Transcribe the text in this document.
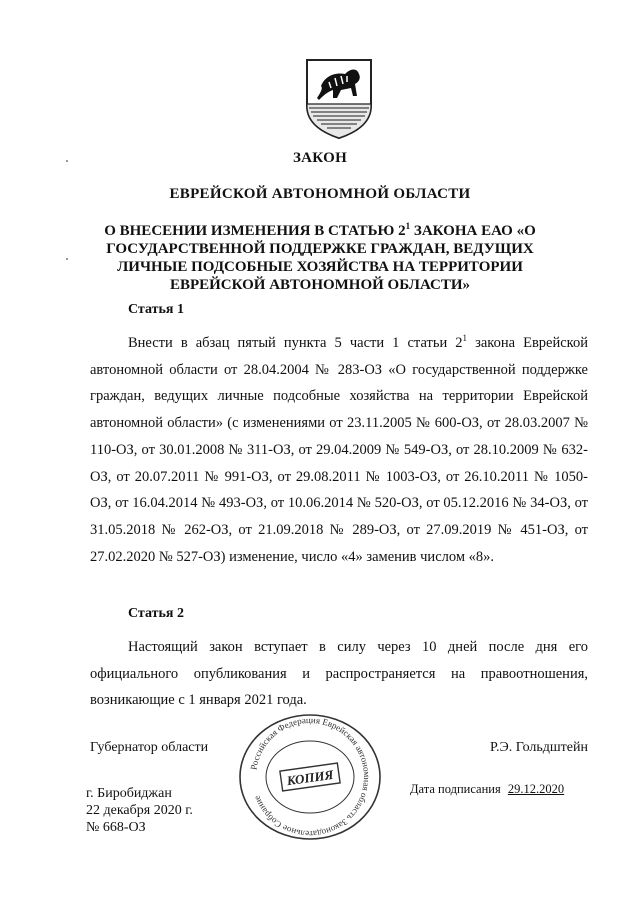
ЗАКОН
ЕВРЕЙСКОЙ АВТОНОМНОЙ ОБЛАСТИ
О ВНЕСЕНИИ ИЗМЕНЕНИЯ В СТАТЬЮ $2^1$ ЗАКОНА ЕАО «О
ГОСУДАРСТВЕННОЙ ПОДДЕРЖКЕ ГРАЖДАН, ВЕДУЩИХ
ЛИЧНЫЕ ПОДСОБНЫЕ ХОЗЯЙСТВА НА ТЕРРИТОРИИ
ЕВРЕЙСКОЙ АВТОНОМНОЙ ОБЛАСТИ»
Статья 1
Внести в абзац пятый пункта 5 части 1 статьи $2^1$ закона Еврейской автономной области от 28.04.2004 № 283-ОЗ «О государственной поддержке граждан, ведущих личные подсобные хозяйства на территории Еврейской автономной области» (с изменениями от 23.11.2005 № 600-ОЗ, от 28.03.2007 № 110-ОЗ, от 30.01.2008 № 311-ОЗ, от 29.04.2009 № 549-ОЗ, от 28.10.2009 № 632-ОЗ, от 20.07.2011 № 991-ОЗ, от 29.08.2011 № 1003-ОЗ, от 26.10.2011 № 1050-ОЗ, от 16.04.2014 № 493-ОЗ, от 10.06.2014 № 520-ОЗ, от 05.12.2016 № 34-ОЗ, от 31.05.2018 № 262-ОЗ, от 21.09.2018 № 289-ОЗ, от 27.09.2019 № 451-ОЗ, от 27.02.2020 № 527-ОЗ) изменение, число «4» заменив числом «8».
Статья 2
Настоящий закон вступает в силу через 10 дней после дня его официального опубликования и распространяется на правоотношения, возникающие с 1 января 2021 года.
Губернатор области	Р.Э. Гольдштейн
г. Биробиджан
22 декабря 2020 г.
№ 668-ОЗ
Дата подписания 29.12.2020
Российская Федерация Еврейская автономная область Законодательное Собрание
КОПИЯ
